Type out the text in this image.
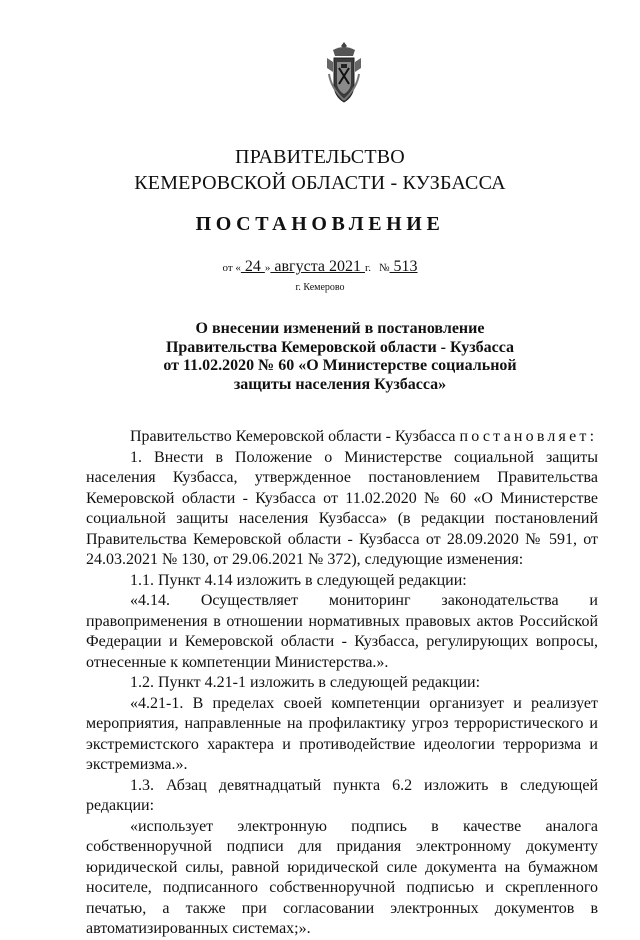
ПРАВИТЕЛЬСТВО
КЕМЕРОВСКОЙ ОБЛАСТИ - КУЗБАССА
ПОСТАНОВЛЕНИЕ
от « 24 » августа 2021 г. № 513
г. Кемерово
О внесении изменений в постановление
Правительства Кемеровской области - Кузбасса
от 11.02.2020 № 60 «О Министерстве социальной
защиты населения Кузбасса»

Правительство Кемеровской области - Кузбасса постановляет:

1. Внести в Положение о Министерстве социальной защиты населения Кузбасса, утвержденное постановлением Правительства Кемеровской области - Кузбасса от 11.02.2020 № 60 «О Министерстве социальной защиты населения Кузбасса» (в редакции постановлений Правительства Кемеровской области - Кузбасса от 28.09.2020 № 591, от 24.03.2021 № 130, от 29.06.2021 № 372), следующие изменения:

1.1. Пункт 4.14 изложить в следующей редакции:

«4.14. Осуществляет мониторинг законодательства и правоприменения в отношении нормативных правовых актов Российской Федерации и Кемеровской области - Кузбасса, регулирующих вопросы, отнесенные к компетенции Министерства.».

1.2. Пункт 4.21-1 изложить в следующей редакции:

«4.21-1. В пределах своей компетенции организует и реализует мероприятия, направленные на профилактику угроз террористического и экстремистского характера и противодействие идеологии терроризма и экстремизма.».

1.3. Абзац девятнадцатый пункта 6.2 изложить в следующей редакции:

«использует электронную подпись в качестве аналога собственноручной подписи для придания электронному документу юридической силы, равной юридической силе документа на бумажном носителе, подписанного собственноручной подписью и скрепленного печатью, а также при согласовании электронных документов в автоматизированных системах;».
